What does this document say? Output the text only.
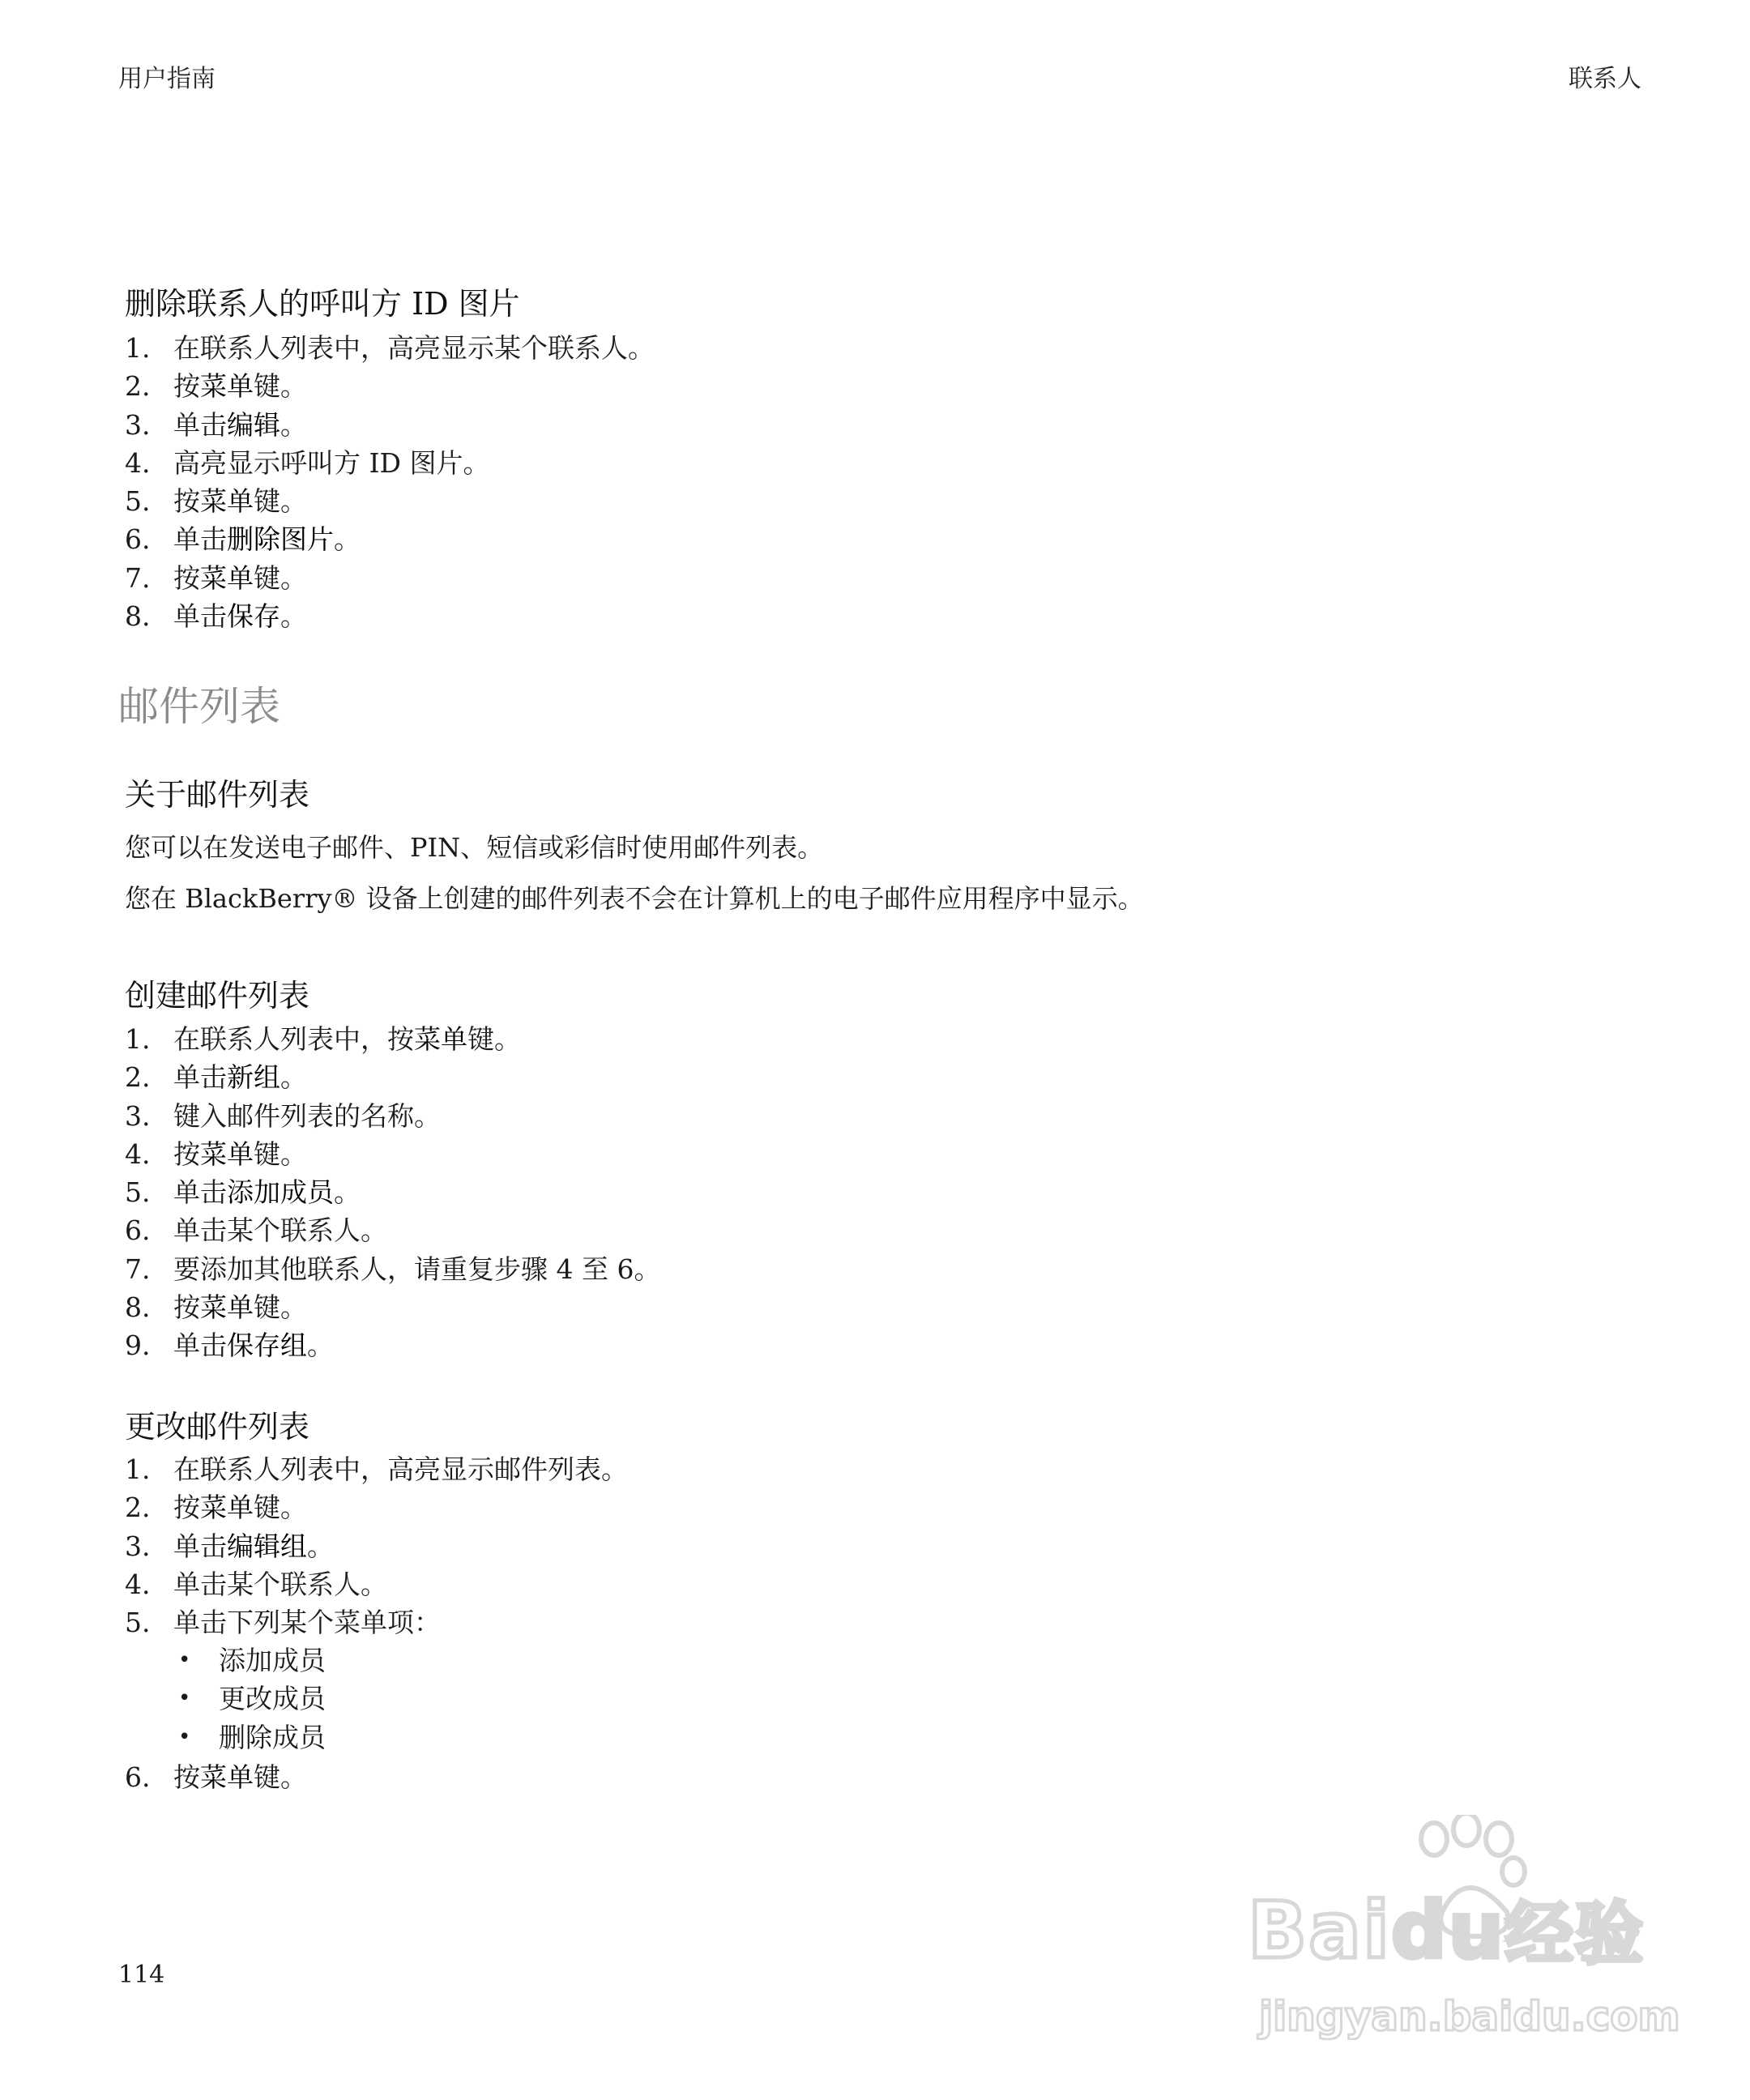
用户指南	联系人
删除联系人的呼叫方 ID 图片
1. 在联系人列表中，高亮显示某个联系人。
2. 按菜单键。
3. 单击编辑。
4. 高亮显示呼叫方 ID 图片。
5. 按菜单键。
6. 单击删除图片。
7. 按菜单键。
8. 单击保存。
邮件列表
关于邮件列表

您可以在发送电子邮件、PIN、短信或彩信时使用邮件列表。

您在 BlackBerry® 设备上创建的邮件列表不会在计算机上的电子邮件应用程序中显示。

创建邮件列表
1. 在联系人列表中，按菜单键。
2. 单击新组。
3. 键入邮件列表的名称。
4. 按菜单键。
5. 单击添加成员。
6. 单击某个联系人。
7. 要添加其他联系人，请重复步骤 4 至 6。
8. 按菜单键。
9. 单击保存组。
更改邮件列表
1. 在联系人列表中，高亮显示邮件列表。
2. 按菜单键。
3. 单击编辑组。
4. 单击某个联系人。
5. 单击下列某个菜单项：
• 添加成员
• 更改成员
• 删除成员
6. 按菜单键。
114	Baidu经验
jingyan.baidu.com
